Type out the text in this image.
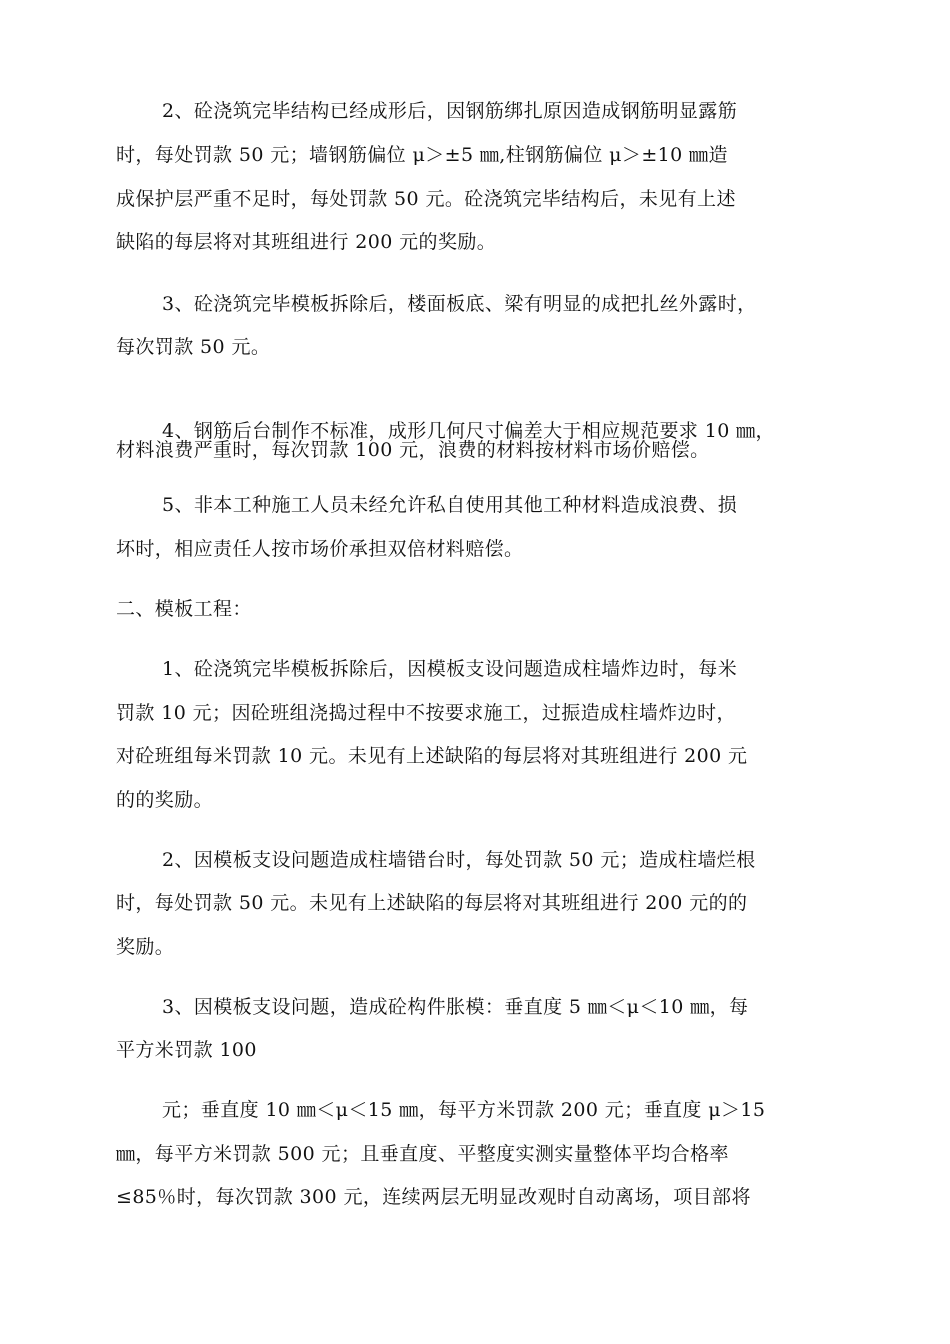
2、砼浇筑完毕结构已经成形后，因钢筋绑扎原因造成钢筋明显露筋
时，每处罚款 50 元；墙钢筋偏位 μ＞±5 ㎜,柱钢筋偏位 μ＞±10 ㎜造
成保护层严重不足时，每处罚款 50 元。砼浇筑完毕结构后，未见有上述
缺陷的每层将对其班组进行 200 元的奖励。
3、砼浇筑完毕模板拆除后，楼面板底、梁有明显的成把扎丝外露时，
每次罚款 50 元。
4、钢筋后台制作不标准，成形几何尺寸偏差大于相应规范要求 10 ㎜，
材料浪费严重时，每次罚款 100 元，浪费的材料按材料市场价赔偿。
5、非本工种施工人员未经允许私自使用其他工种材料造成浪费、损
坏时，相应责任人按市场价承担双倍材料赔偿。
二、模板工程：
1、砼浇筑完毕模板拆除后，因模板支设问题造成柱墙炸边时，每米
罚款 10 元；因砼班组浇捣过程中不按要求施工，过振造成柱墙炸边时，
对砼班组每米罚款 10 元。未见有上述缺陷的每层将对其班组进行 200 元
的的奖励。
2、因模板支设问题造成柱墙错台时，每处罚款 50 元；造成柱墙烂根
时，每处罚款 50 元。未见有上述缺陷的每层将对其班组进行 200 元的的
奖励。
3、因模板支设问题，造成砼构件胀模：垂直度 5 ㎜＜μ＜10 ㎜，每
平方米罚款 100
元；垂直度 10 ㎜＜μ＜15 ㎜，每平方米罚款 200 元；垂直度 μ＞15
㎜，每平方米罚款 500 元；且垂直度、平整度实测实量整体平均合格率
≤85％时，每次罚款 300 元，连续两层无明显改观时自动离场，项目部将
